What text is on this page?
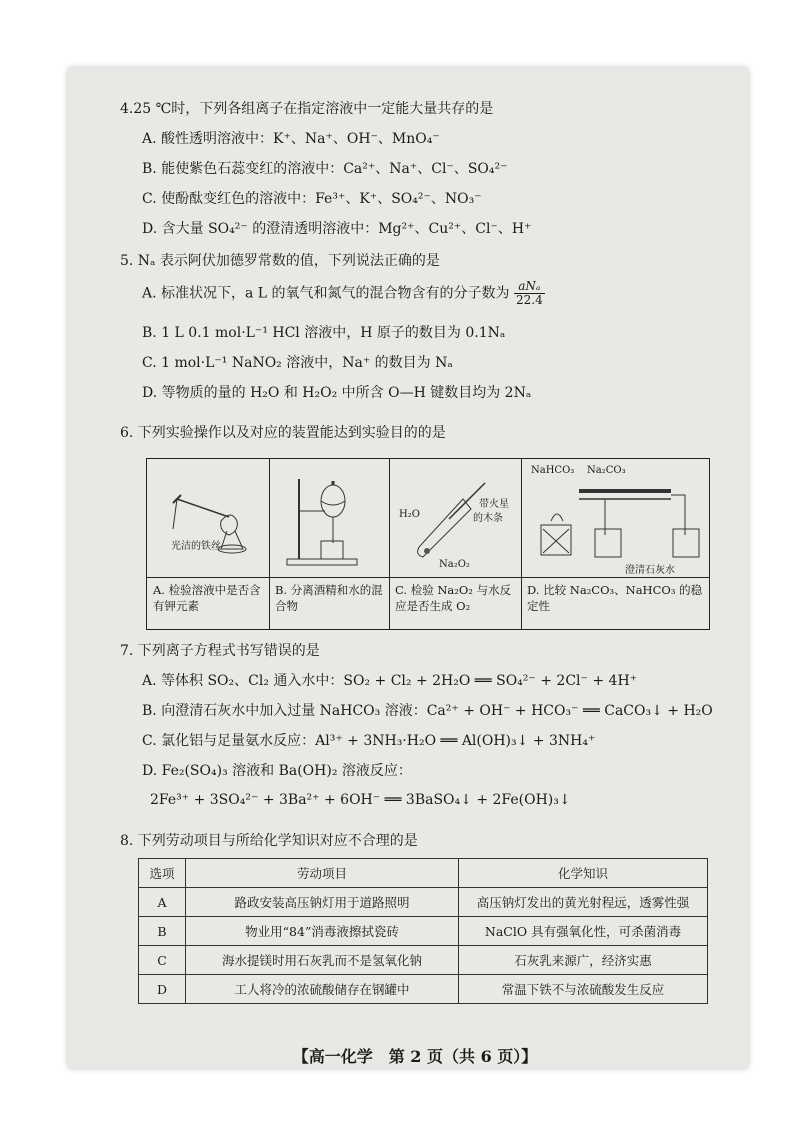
4.25 ℃时，下列各组离子在指定溶液中一定能大量共存的是
A. 酸性透明溶液中：K⁺、Na⁺、OH⁻、MnO₄⁻
B. 能使紫色石蕊变红的溶液中：Ca²⁺、Na⁺、Cl⁻、SO₄²⁻
C. 使酚酞变红色的溶液中：Fe³⁺、K⁺、SO₄²⁻、NO₃⁻
D. 含大量 SO₄²⁻ 的澄清透明溶液中：Mg²⁺、Cu²⁺、Cl⁻、H⁺
5. Nₐ 表示阿伏加德罗常数的值，下列说法正确的是
A. 标准状况下，a L 的氧气和氮气的混合物含有的分子数为 $\frac{\text{aNₐ}}{22.4}$
B. 1 L 0.1 mol·L⁻¹ HCl 溶液中，H 原子的数目为 0.1Nₐ
C. 1 mol·L⁻¹ NaNO₂ 溶液中，Na⁺ 的数目为 Nₐ
D. 等物质的量的 H₂O 和 H₂O₂ 中所含 O—H 键数目均为 2Nₐ
6. 下列实验操作以及对应的装置能达到实验目的的是
光洁的铁丝
A. 检验溶液中是否含有钾元素
B. 分离酒精和水的混合物
H₂O
带火星
的木条
Na₂O₂
C. 检验 Na₂O₂ 与水反应是否生成 O₂
NaHCO₃ Na₂CO₃
澄清石灰水
D. 比较 Na₂CO₃、NaHCO₃ 的稳定性
7. 下列离子方程式书写错误的是
A. 等体积 SO₂、Cl₂ 通入水中：SO₂ + Cl₂ + 2H₂O ══ SO₄²⁻ + 2Cl⁻ + 4H⁺
B. 向澄清石灰水中加入过量 NaHCO₃ 溶液：Ca²⁺ + OH⁻ + HCO₃⁻ ══ CaCO₃↓ + H₂O
C. 氯化铝与足量氨水反应：Al³⁺ + 3NH₃·H₂O ══ Al(OH)₃↓ + 3NH₄⁺
D. Fe₂(SO₄)₃ 溶液和 Ba(OH)₂ 溶液反应：
2Fe³⁺ + 3SO₄²⁻ + 3Ba²⁺ + 6OH⁻ ══ 3BaSO₄↓ + 2Fe(OH)₃↓
8. 下列劳动项目与所给化学知识对应不合理的是
选项	劳动项目	化学知识
A	路政安装高压钠灯用于道路照明	高压钠灯发出的黄光射程远，透雾性强
B	物业用“84”消毒液擦拭瓷砖	NaClO 具有强氧化性，可杀菌消毒
C	海水提镁时用石灰乳而不是氢氧化钠	石灰乳来源广，经济实惠
D	工人将冷的浓硫酸储存在钢罐中	常温下铁不与浓硫酸发生反应
【高一化学　第 2 页（共 6 页）】
